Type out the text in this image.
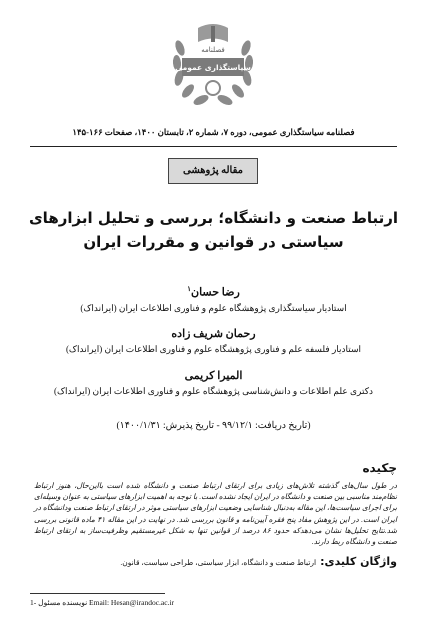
فصلنامه
سیاستگذاری عمومی
فصلنامه سیاستگذاری عمومی، دوره ۷، شماره ۲، تابستان ۱۴۰۰، صفحات ۱۶۶-۱۴۵
مقاله پژوهشی
ارتباط صنعت و دانشگاه؛ بررسی و تحلیل ابزارهای سیاستی در قوانین و مقررات ایران
رضا حسان$^۱$
استادیار سیاستگذاری پژوهشگاه علوم و فناوری اطلاعات ایران (ایرانداک)
رحمان شریف زاده
استادیار فلسفه علم و فناوری پژوهشگاه علوم و فناوری اطلاعات ایران (ایرانداک)
المیرا کریمی
دکتری علم اطلاعات و دانش‌شناسی پژوهشگاه علوم و فناوری اطلاعات ایران (ایرانداک)
(تاریخ دریافت: ۹۹/۱۲/۱ - تاریخ پذیرش: ۱۴۰۰/۱/۳۱)
چکیده
در طول سال‌های گذشته تلاش‌های زیادی برای ارتقای ارتباط صنعت و دانشگاه شده است با‌این‌حال، هنوز ارتباط نظام‌مند مناسبی بین صنعت و دانشگاه در ایران ایجاد نشده است. با توجه به اهمیت ابزارهای سیاستی به عنوان وسیله‌ای برای اجرای سیاست‌ها، این مقاله به‌دنبال شناسایی وضعیت ابزارهای سیاستی موثر در ارتقای ارتباط صنعت ودانشگاه در ایران است. در این پژوهش مفاد پنج فقره آیین‌نامه و قانون بررسی شد. در نهایت در این مقاله ۴۱ ماده قانونی بررسی شد.نتایج تحلیل‌ها نشان می‌دهدکه حدود ۸۶ درصد از قوانین تنها به شکل غیرمستقیم وظرفیت‌ساز به ارتقای ارتباط صنعت و دانشگاه ربط دارند.
واژگان کلیدی: ارتباط صنعت و دانشگاه، ابزار سیاستی، طراحی سیاست، قانون.
1- نویسنده مسئول Email: Hesan@irandoc.ac.ir
